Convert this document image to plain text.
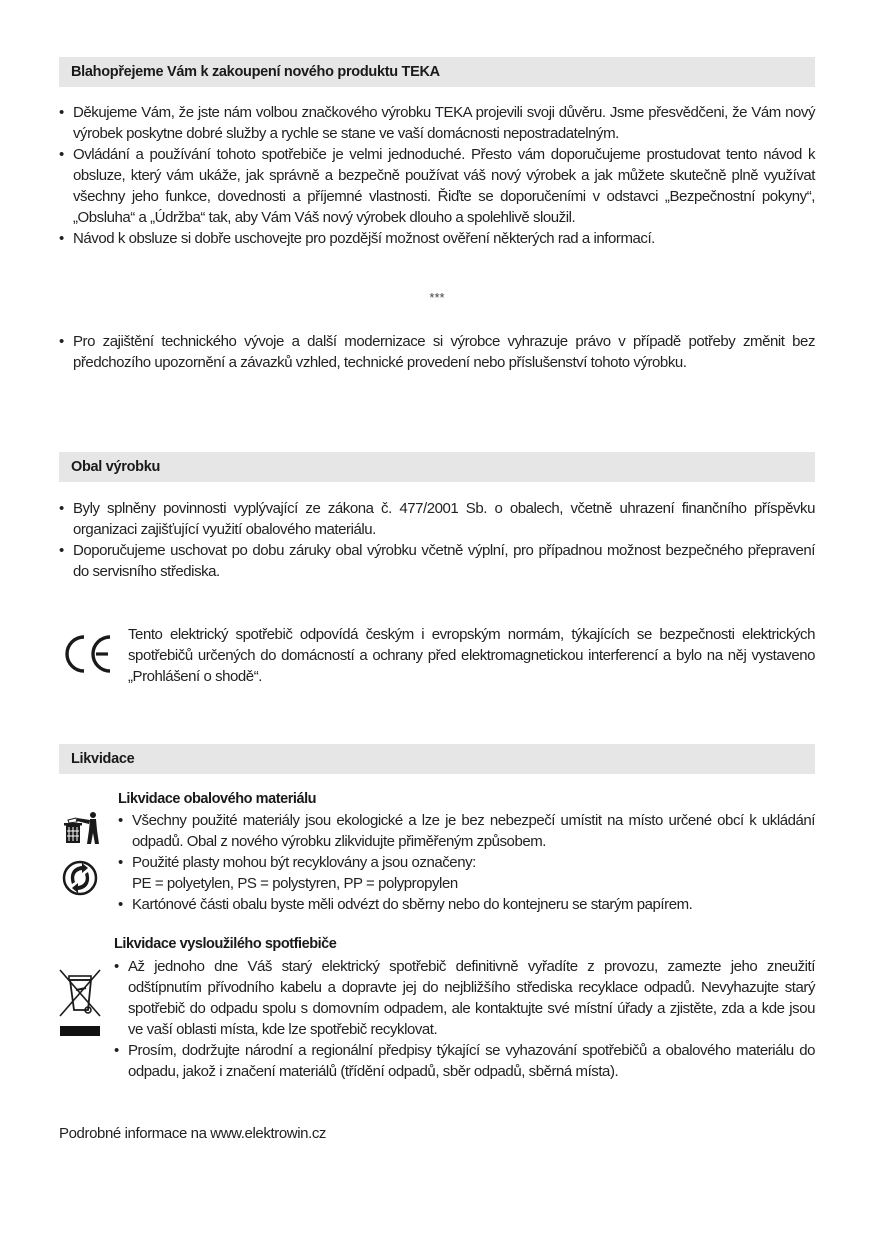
Blahopřejeme Vám k zakoupení nového produktu TEKA
• Děkujeme Vám, že jste nám volbou značkového výrobku TEKA projevili svoji důvěru. Jsme přesvědčeni, že Vám nový výrobek poskytne dobré služby a rychle se stane ve vaší domácnosti nepostradatelným.
• Ovládání a používání tohoto spotřebiče je velmi jednoduché. Přesto vám doporučujeme prostudovat tento návod k obsluze, který vám ukáže, jak správně a bezpečně používat váš nový výrobek a jak můžete skutečně plně využívat všechny jeho funkce, dovednosti a příjemné vlastnosti. Řiďte se doporučeními v odstavci „Bezpečnostní pokyny“, „Obsluha“ a „Údržba“ tak, aby Vám Váš nový výrobek dlouho a spolehlivě sloužil.
• Návod k obsluze si dobře uschovejte pro pozdější možnost ověření některých rad a informací.
***
• Pro zajištění technického vývoje a další modernizace si výrobce vyhrazuje právo v případě potřeby změnit bez předchozího upozornění a závazků vzhled, technické provedení nebo příslušenství tohoto výrobku.
Obal výrobku
• Byly splněny povinnosti vyplývající ze zákona č. 477/2001 Sb. o obalech, včetně uhrazení finančního příspěvku organizaci zajišťující využití obalového materiálu.
• Doporučujeme uschovat po dobu záruky obal výrobku včetně výplní, pro případnou možnost bezpečného přepravení do servisního střediska.
Tento elektrický spotřebič odpovídá českým i evropským normám, týkajících se bezpečnosti elektrických spotřebičů určených do domácností a ochrany před elektromagnetickou interferencí a bylo na něj vystaveno „Prohlášení o shodě“.
Likvidace
Likvidace obalového materiálu
• Všechny použité materiály jsou ekologické a lze je bez nebezpečí umístit na místo určené obcí k ukládání odpadů. Obal z nového výrobku zlikvidujte přiměřeným způsobem.
• Použité plasty mohou být recyklovány a jsou označeny:
PE = polyetylen, PS = polystyren, PP = polypropylen
• Kartónové části obalu byste měli odvézt do sběrny nebo do kontejneru se starým papírem.
Likvidace vysloužilého spotfiebiče
• Až jednoho dne Váš starý elektrický spotřebič definitivně vyřadíte z provozu, zamezte jeho zneužití odštípnutím přívodního kabelu a dopravte jej do nejbližšího střediska recyklace odpadů. Nevyhazujte starý spotřebič do odpadu spolu s domovním odpadem, ale kontaktujte své místní úřady a zjistěte, zda a kde jsou ve vaší oblasti místa, kde lze spotřebič recyklovat.
• Prosím, dodržujte národní a regionální předpisy týkající se vyhazování spotřebičů a obalového materiálu do odpadu, jakož i značení materiálů (třídění odpadů, sběr odpadů, sběrná místa).
Podrobné informace na www.elektrowin.cz
